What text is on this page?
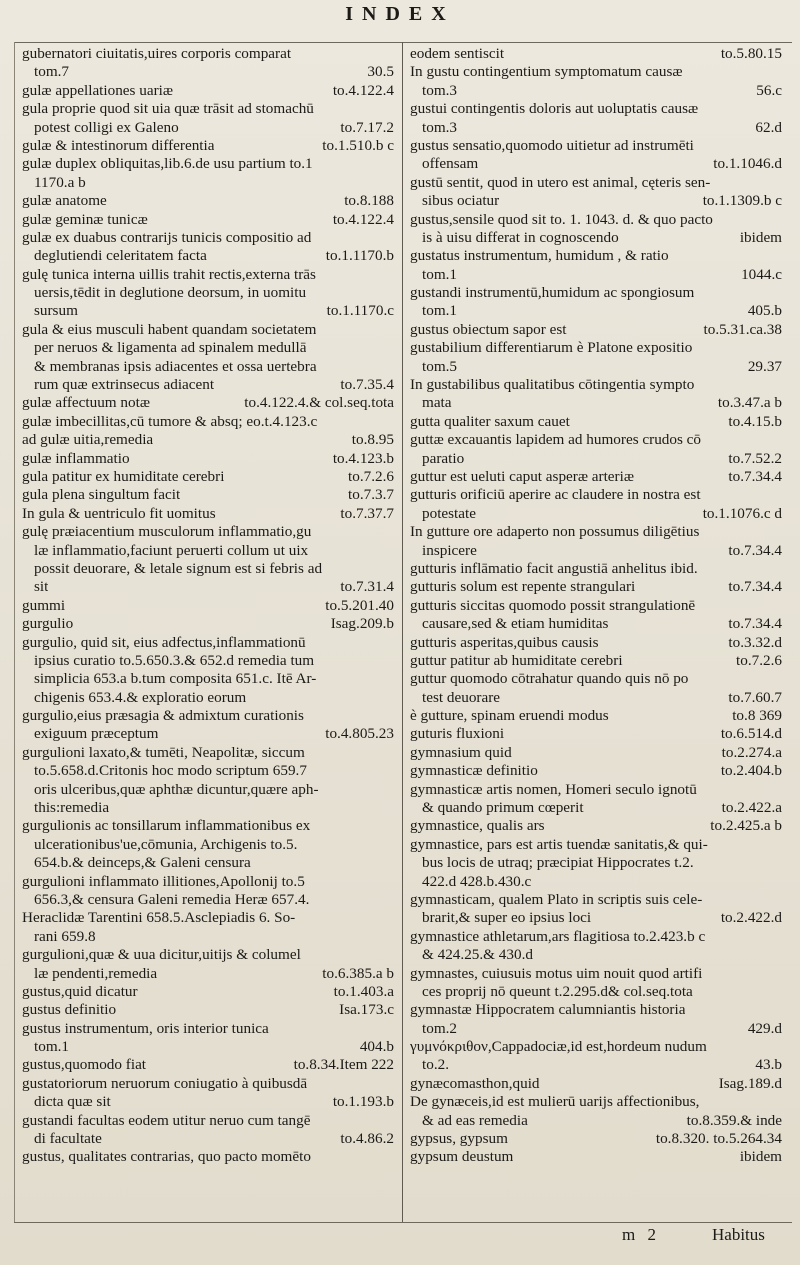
INDEX
gubernatori ciuitatis,uires corporis comparat
tom.7	30.5
gulæ appellationes uariæ	to.4.122.4
gula proprie quod sit uia quæ trāsit ad stomachū
potest colligi ex Galeno	to.7.17.2
gulæ & intestinorum differentia	to.1.510.b c
gulæ duplex obliquitas,lib.6.de usu partium to.1
1170.a b
gulæ anatome	to.8.188
gulæ geminæ tunicæ	to.4.122.4
gulæ ex duabus contrarijs tunicis compositio ad
deglutiendi celeritatem facta	to.1.1170.b
gulę tunica interna uillis trahit rectis,externa trās
uersis,tēdit in deglutione deorsum, in uomitu
sursum	to.1.1170.c
gula & eius musculi habent quandam societatem
per neruos & ligamenta ad spinalem medullā
& membranas ipsis adiacentes et ossa uertebra
rum quæ extrinsecus adiacent	to.7.35.4
gulæ affectuum notæ	to.4.122.4.& col.seq.tota
gulæ imbecillitas,cū tumore & absq; eo.t.4.123.c
ad gulæ uitia,remedia	to.8.95
gulæ inflammatio	to.4.123.b
gula patitur ex humiditate cerebri	to.7.2.6
gula plena singultum facit	to.7.3.7
In gula & uentriculo fit uomitus	to.7.37.7
gulę præiacentium musculorum inflammatio,gu
læ inflammatio,faciunt peruerti collum ut uix
possit deuorare, & letale signum est si febris ad
sit	to.7.31.4
gummi	to.5.201.40
gurgulio	Isag.209.b
gurgulio, quid sit, eius adfectus,inflammationū
ipsius curatio to.5.650.3.& 652.d remedia tum
simplicia 653.a b.tum composita 651.c. Itē Ar-
chigenis 653.4.& exploratio eorum
gurgulio,eius præsagia & admixtum curationis
exiguum præceptum	to.4.805.23
gurgulioni laxato,& tumēti, Neapolitæ, siccum
to.5.658.d.Critonis hoc modo scriptum 659.7
oris ulceribus,quæ aphthæ dicuntur,quære aph-
this:remedia
gurgulionis ac tonsillarum inflammationibus ex
ulcerationibus'ue,cōmunia, Archigenis to.5.
654.b.& deinceps,& Galeni censura
gurgulioni inflammato illitiones,Apollonij to.5
656.3,& censura Galeni remedia Heræ 657.4.
Heraclidæ Tarentini 658.5.Asclepiadis 6. So-
rani 659.8
gurgulioni,quæ & uua dicitur,uitijs & columel
læ pendenti,remedia	to.6.385.a b
gustus,quid dicatur	to.1.403.a
gustus definitio	Isa.173.c
gustus instrumentum, oris interior tunica
tom.1	404.b
gustus,quomodo fiat	to.8.34.Item 222
gustatoriorum neruorum coniugatio à quibusdā
dicta quæ sit	to.1.193.b
gustandi facultas eodem utitur neruo cum tangē
di facultate	to.4.86.2
gustus, qualitates contrarias, quo pacto momēto
eodem sentiscit	to.5.80.15
In gustu contingentium symptomatum causæ
tom.3	56.c
gustui contingentis doloris aut uoluptatis causæ
tom.3	62.d
gustus sensatio,quomodo uitietur ad instrumēti
offensam	to.1.1046.d
gustū sentit, quod in utero est animal, cęteris sen-
sibus ociatur	to.1.1309.b c
gustus,sensile quod sit to. 1. 1043. d. & quo pacto
is à uisu differat in cognoscendo	ibidem
gustatus instrumentum, humidum , & ratio
tom.1	1044.c
gustandi instrumentū,humidum ac spongiosum
tom.1	405.b
gustus obiectum sapor est	to.5.31.ca.38
gustabilium differentiarum è Platone expositio
tom.5	29.37
In gustabilibus qualitatibus cōtingentia sympto
mata	to.3.47.a b
gutta qualiter saxum cauet	to.4.15.b
guttæ excauantis lapidem ad humores crudos cō
paratio	to.7.52.2
guttur est ueluti caput asperæ arteriæ	to.7.34.4
gutturis orificiū aperire ac claudere in nostra est
potestate	to.1.1076.c d
In gutture ore adaperto non possumus diligētius
inspicere	to.7.34.4
gutturis inflāmatio facit angustiā anhelitus ibid.
gutturis solum est repente strangulari	to.7.34.4
gutturis siccitas quomodo possit strangulationē
causare,sed & etiam humiditas	to.7.34.4
gutturis asperitas,quibus causis	to.3.32.d
guttur patitur ab humiditate cerebri	to.7.2.6
guttur quomodo cōtrahatur quando quis nō po
test deuorare	to.7.60.7
è gutture, spinam eruendi modus	to.8 369
guturis fluxioni	to.6.514.d
gymnasium quid	to.2.274.a
gymnasticæ definitio	to.2.404.b
gymnasticæ artis nomen, Homeri seculo ignotū
& quando primum cœperit	to.2.422.a
gymnastice, qualis ars	to.2.425.a b
gymnastice, pars est artis tuendæ sanitatis,& qui-
bus locis de utraq; præcipiat Hippocrates t.2.
422.d 428.b.430.c
gymnasticam, qualem Plato in scriptis suis cele-
brarit,& super eo ipsius loci	to.2.422.d
gymnastice athletarum,ars flagitiosa to.2.423.b c
& 424.25.& 430.d
gymnastes, cuiusuis motus uim nouit quod artifi
ces proprij nō queunt t.2.295.d& col.seq.tota
gymnastæ Hippocratem calumniantis historia
tom.2	429.d
γυμνόκριθον,Cappadociæ,id est,hordeum nudum
to.2.	43.b
gynæcomasthon,quid	Isag.189.d
De gynæceis,id est mulierū uarijs affectionibus,
& ad eas remedia	to.8.359.& inde
gypsus, gypsum	to.8.320. to.5.264.34
gypsum deustum	ibidem
m 2	Habitus
